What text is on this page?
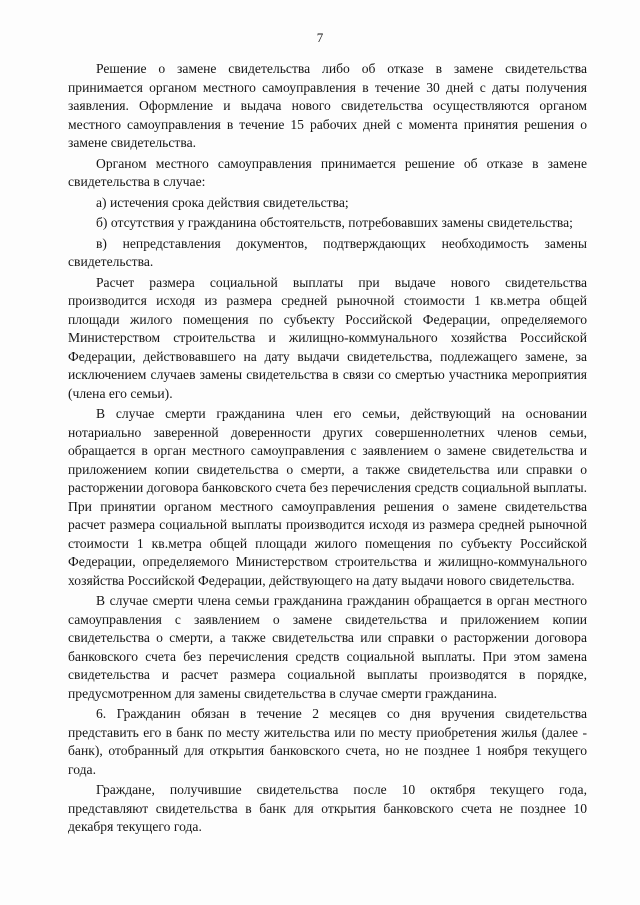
7

Решение о замене свидетельства либо об отказе в замене свидетельства принимается органом местного самоуправления в течение 30 дней с даты получения заявления. Оформление и выдача нового свидетельства осуществляются органом местного самоуправления в течение 15 рабочих дней с момента принятия решения о замене свидетельства.

Органом местного самоуправления принимается решение об отказе в замене свидетельства в случае:

а) истечения срока действия свидетельства;

б) отсутствия у гражданина обстоятельств, потребовавших замены свидетельства;

в) непредставления документов, подтверждающих необходимость замены свидетельства.

Расчет размера социальной выплаты при выдаче нового свидетельства производится исходя из размера средней рыночной стоимости 1 кв.метра общей площади жилого помещения по субъекту Российской Федерации, определяемого Министерством строительства и жилищно-коммунального хозяйства Российской Федерации, действовавшего на дату выдачи свидетельства, подлежащего замене, за исключением случаев замены свидетельства в связи со смертью участника мероприятия (члена его семьи).

В случае смерти гражданина член его семьи, действующий на основании нотариально заверенной доверенности других совершеннолетних членов семьи, обращается в орган местного самоуправления с заявлением о замене свидетельства и приложением копии свидетельства о смерти, а также свидетельства или справки о расторжении договора банковского счета без перечисления средств социальной выплаты. При принятии органом местного самоуправления решения о замене свидетельства расчет размера социальной выплаты производится исходя из размера средней рыночной стоимости 1 кв.метра общей площади жилого помещения по субъекту Российской Федерации, определяемого Министерством строительства и жилищно-коммунального хозяйства Российской Федерации, действующего на дату выдачи нового свидетельства.

В случае смерти члена семьи гражданина гражданин обращается в орган местного самоуправления с заявлением о замене свидетельства и приложением копии свидетельства о смерти, а также свидетельства или справки о расторжении договора банковского счета без перечисления средств социальной выплаты. При этом замена свидетельства и расчет размера социальной выплаты производятся в порядке, предусмотренном для замены свидетельства в случае смерти гражданина.

6. Гражданин обязан в течение 2 месяцев со дня вручения свидетельства представить его в банк по месту жительства или по месту приобретения жилья (далее - банк), отобранный для открытия банковского счета, но не позднее 1 ноября текущего года.

Граждане, получившие свидетельства после 10 октября текущего года, представляют свидетельства в банк для открытия банковского счета не позднее 10 декабря текущего года.
